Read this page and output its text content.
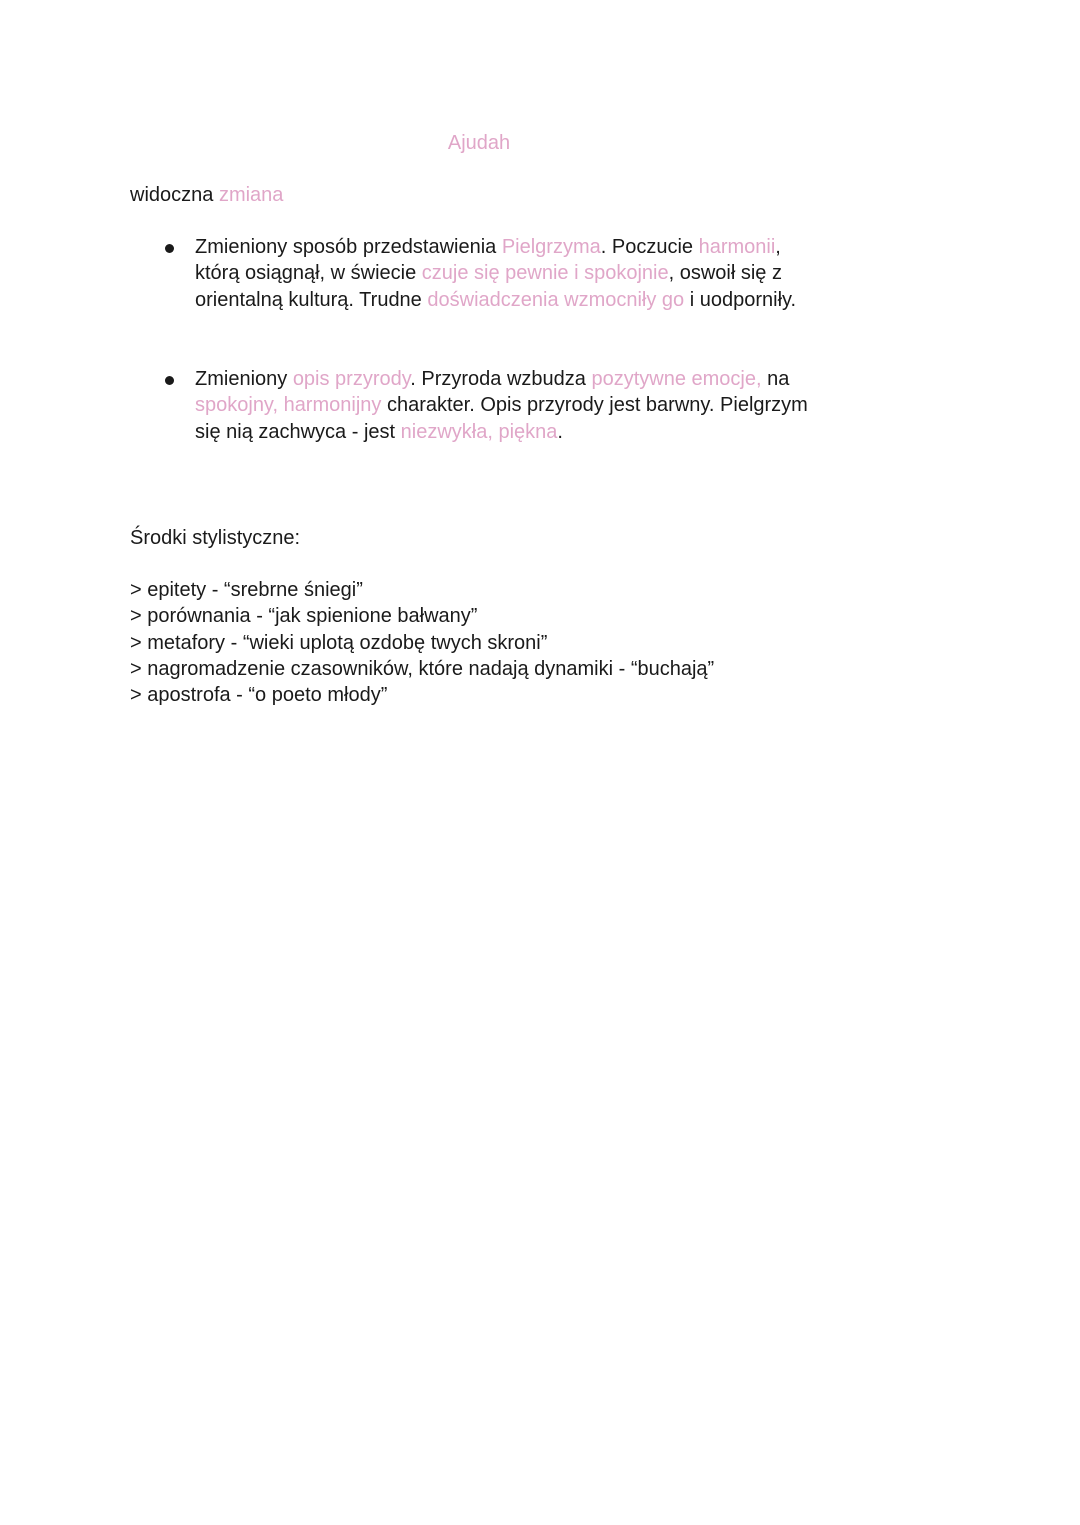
Ajudah
widoczna zmiana
Zmieniony sposób przedstawienia Pielgrzyma. Poczucie harmonii, którą osiągnął, w świecie czuje się pewnie i spokojnie, oswoił się z orientalną kulturą. Trudne doświadczenia wzmocniły go i uodporniły.
Zmieniony opis przyrody. Przyroda wzbudza pozytywne emocje, na spokojny, harmonijny charakter. Opis przyrody jest barwny. Pielgrzym się nią zachwyca - jest niezwykła, piękna.
Środki stylistyczne:
> epitety - “srebrne śniegi”
> porównania - “jak spienione bałwany”
> metafory - “wieki uplotą ozdobę twych skroni”
> nagromadzenie czasowników, które nadają dynamiki - “buchają”
> apostrofa - “o poeto młody”
